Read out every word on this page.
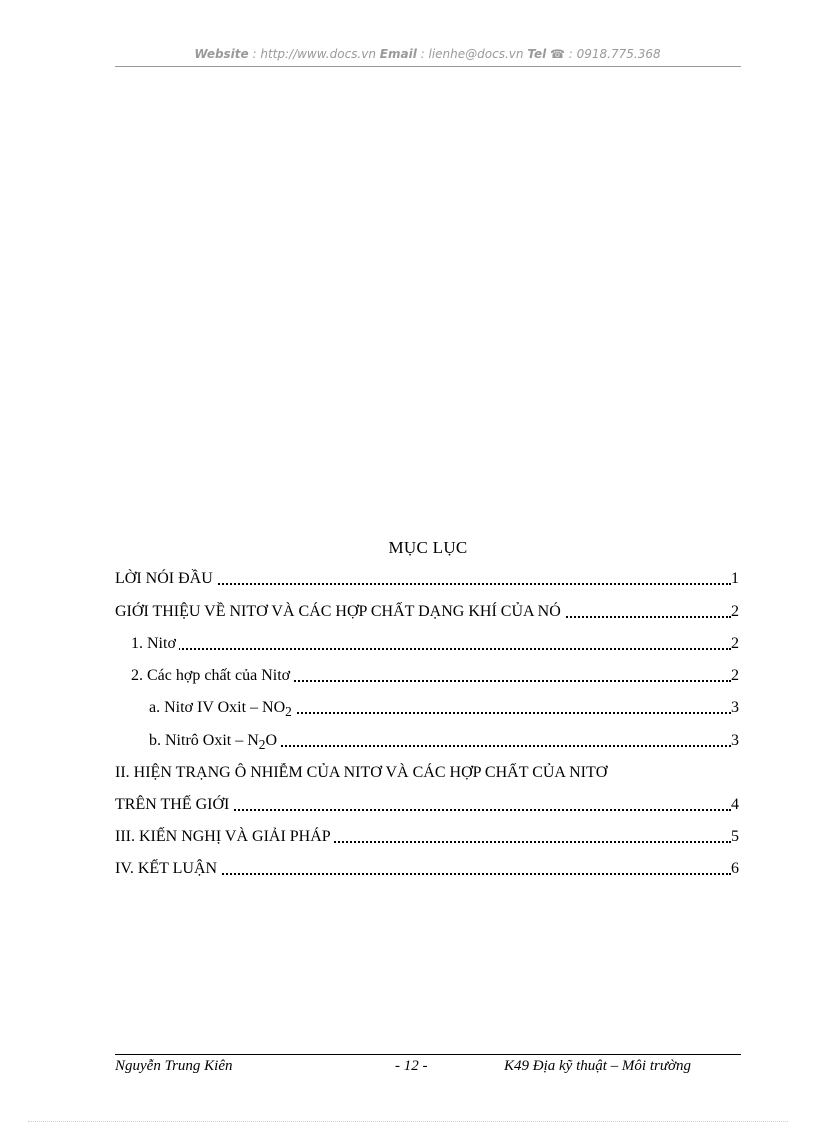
Website : http://www.docs.vn Email : lienhe@docs.vn Tel ☎ : 0918.775.368
MỤC LỤC
LỜI NÓI ĐẦU	1
GIỚI THIỆU VỀ NITƠ VÀ CÁC HỢP CHẤT DẠNG KHÍ CỦA NÓ	2
1. Nitơ	2
2. Các hợp chất của Nitơ	2
a. Nitơ IV Oxit – $NO_2$	3
b. Nitrô Oxit – $N_2O$	3
II. HIỆN TRẠNG Ô NHIỄM CỦA NITƠ VÀ CÁC HỢP CHẤT CỦA NITƠ
TRÊN THẾ GIỚI	4
III. KIẾN NGHỊ VÀ GIẢI PHÁP	5
IV. KẾT LUẬN	6
Nguyễn Trung Kiên	- 12 -	K49 Địa kỹ thuật – Môi trường
